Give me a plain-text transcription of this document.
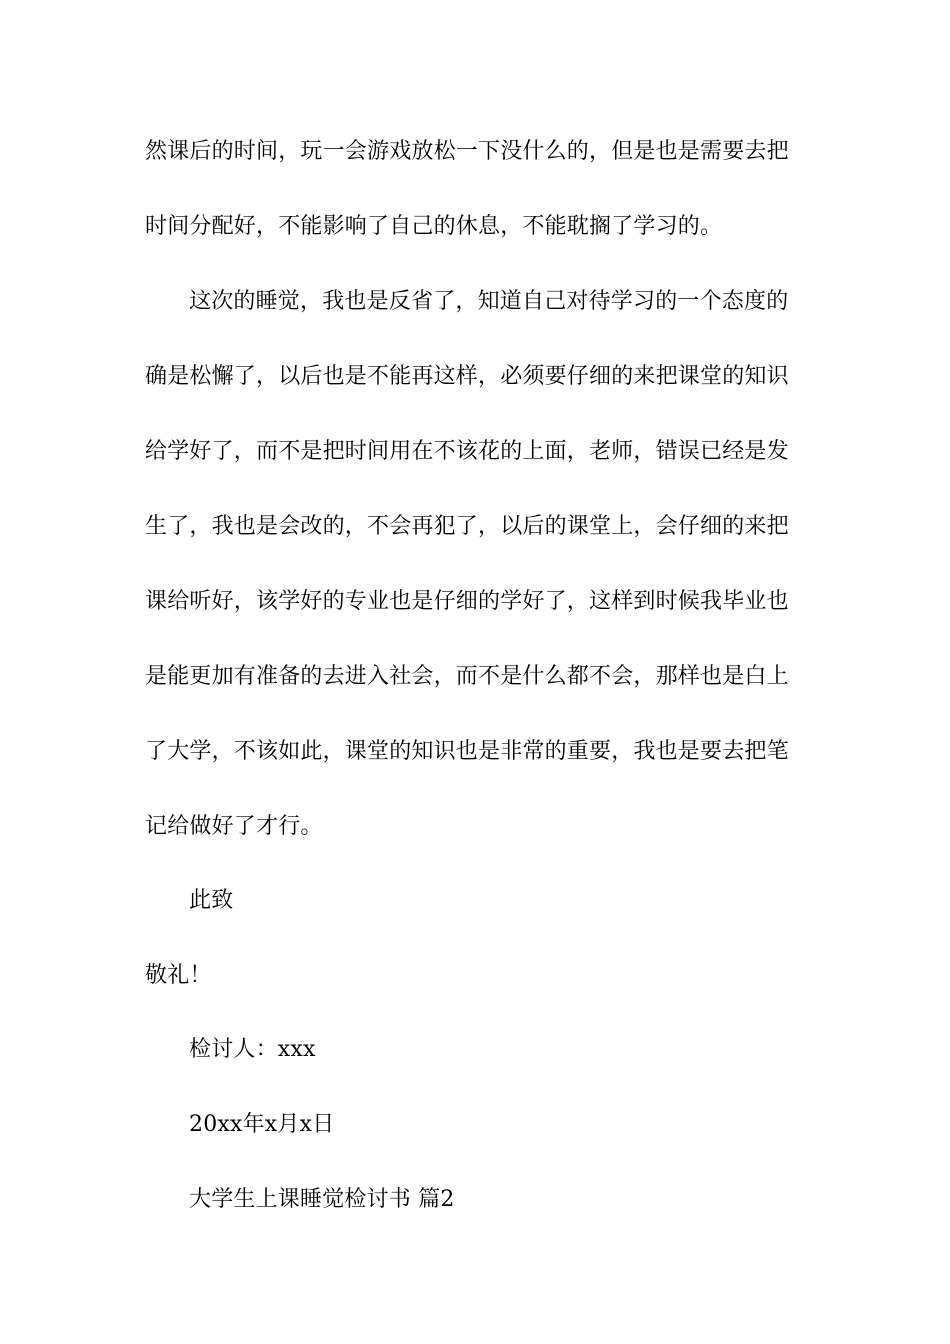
然课后的时间，玩一会游戏放松一下没什么的，但是也是需要去把
时间分配好，不能影响了自己的休息，不能耽搁了学习的。
这次的睡觉，我也是反省了，知道自己对待学习的一个态度的
确是松懈了，以后也是不能再这样，必须要仔细的来把课堂的知识
给学好了，而不是把时间用在不该花的上面，老师，错误已经是发
生了，我也是会改的，不会再犯了，以后的课堂上，会仔细的来把
课给听好，该学好的专业也是仔细的学好了，这样到时候我毕业也
是能更加有准备的去进入社会，而不是什么都不会，那样也是白上
了大学，不该如此，课堂的知识也是非常的重要，我也是要去把笔
记给做好了才行。
此致
敬礼！
检讨人：xxx
20xx年x月x日
大学生上课睡觉检讨书 篇2
